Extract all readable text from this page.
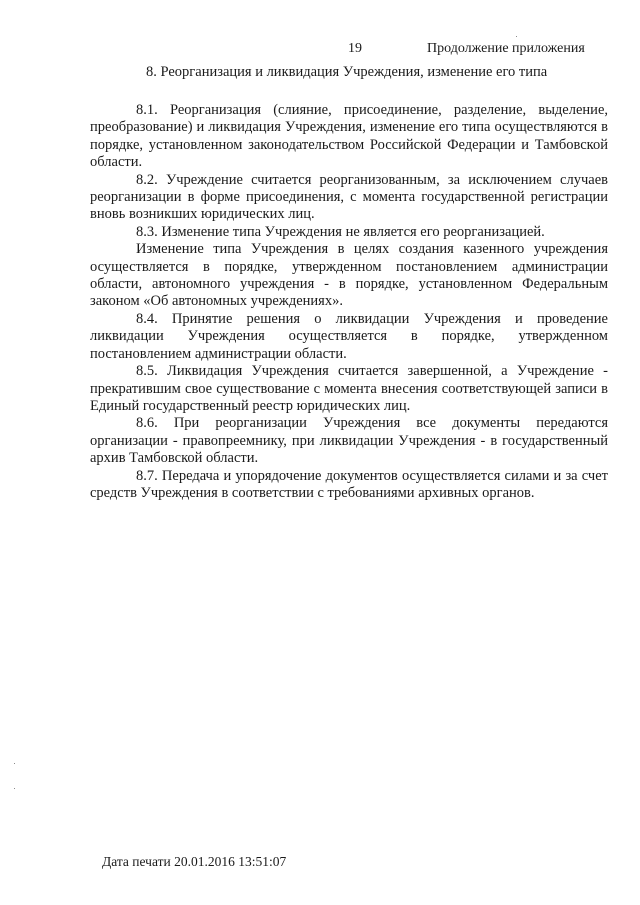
19	Продолжение приложения
8. Реорганизация и ликвидация Учреждения, изменение его типа

8.1. Реорганизация (слияние, присоединение, разделение, выделение, преобразование) и ликвидация Учреждения, изменение его типа осуществляются в порядке, установленном законодательством Российской Федерации и Тамбовской области.

8.2. Учреждение считается реорганизованным, за исключением случаев реорганизации в форме присоединения, с момента государственной регистрации вновь возникших юридических лиц.

8.3. Изменение типа Учреждения не является его реорганизацией.

Изменение типа Учреждения в целях создания казенного учреждения осуществляется в порядке, утвержденном постановлением администрации области, автономного учреждения - в порядке, установленном Федеральным законом «Об автономных учреждениях».

8.4. Принятие решения о ликвидации Учреждения и проведение ликвидации Учреждения осуществляется в порядке, утвержденном постановлением администрации области.

8.5. Ликвидация Учреждения считается завершенной, а Учреждение - прекратившим свое существование с момента внесения соответствующей записи в Единый государственный реестр юридических лиц.

8.6. При реорганизации Учреждения все документы передаются организации - правопреемнику, при ликвидации Учреждения - в государственный архив Тамбовской области.

8.7. Передача и упорядочение документов осуществляется силами и за счет средств Учреждения в соответствии с требованиями архивных органов.

Дата печати 20.01.2016 13:51:07
